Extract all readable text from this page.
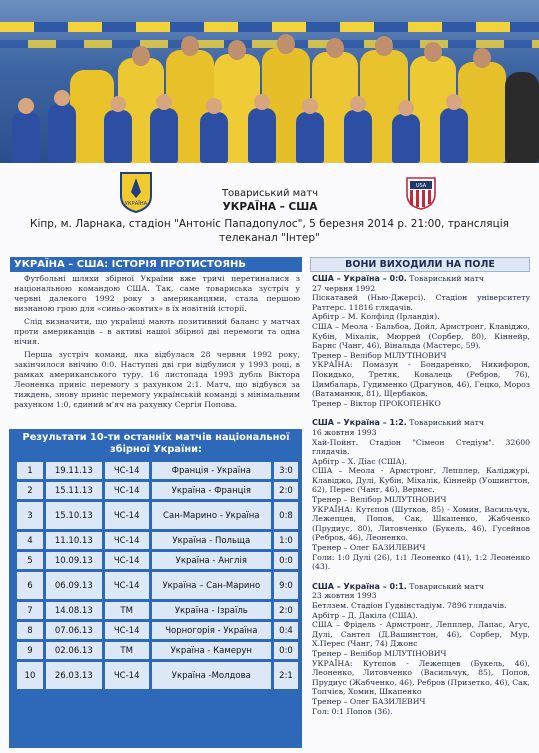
УКРАЇНА
USA
Товариський матч
УКРАЇНА – США
Кіпр, м. Ларнака, стадіон "Антоніс Пападопулос", 5 березня 2014 р. 21:00, трансляція
телеканал "Інтер"
УКРАЇНА – США: ІСТОРІЯ ПРОТИСТОЯНЬ

Футбольні шляхи збірної України вже тричі перетиналися з національною командою США. Так, саме товариська зустріч у червні далекого 1992 року з американцями, стала першою визнаною грою для «синьо-жовтих» в їх новітній історії.

Слід визначити, що українці мають позитивний баланс у матчах проти американців – в активі нашої збірної дві перемоги та одна нічия.

Перша зустріч команд, яка відбулася 28 червня 1992 року, закінчилося внічию 0:0. Наступні дві гри відбулися у 1993 році, в рамках американського туру. 16 листопада 1993 дубль Віктора Леоненка приніс перемогу з рахунком 2:1. Матч, що відбувся за тиждень, знову приніс перемогу українській команді з мінімальним рахунком 1:0, єдиний м'яч на рахунку Сергія Попова.

Результати 10-ти останніх матчів національної збірної України:
1	19.11.13	ЧС-14	Франція - Україна	3:0
2	15.11.13	ЧС-14	Україна - Франція	2:0
3	15.10.13	ЧС-14	Сан-Марино - Україна	0:8
4	11.10.13	ЧС-14	Україна - Польща	1:0
5	10.09.13	ЧС-14	Україна - Англія	0:0
6	06.09.13	ЧС-14	Україна – Сан-Марино	9:0
7	14.08.13	ТМ	Україна - Ізраїль	2:0
8	07.06.13	ЧС-14	Чорногорія - Україна	0:4
9	02.06.13	ТМ	Україна - Камерун	0:0
10	26.03.13	ЧС-14	Україна -Молдова	2:1
ВОНИ ВИХОДИЛИ НА ПОЛЕ

США – Україна – 0:0. Товариський матч

27 червня 1992

Піскатавей (Нью-Джерсі). Стадіон університету Ратгерс. 11816 глядачів.

Арбітр – М. Колфілд (Ірландія).

США – Меола - Бальбоа, Дойл, Армстронг, Клавіджо, Кубін, Міхалік, Мюррей (Сорбер, 80), Кіннейр, Барнс (Чанг, 46), Вінальда (Мастерс, 59).

Тренер – Велібор МІЛУТІНОВИЧ

УКРАЇНА: Помазун - Бондаренко, Никифоров, Покидько, Третяк, Ковалець (Ребров, 76), Цимбаларь, Гудименко (Драгунов, 46), Гецко, Мороз (Ватаманюк, 81), Щербаков.

Тренер – Віктор ПРОКОПЕНКО

США – Україна – 1:2. Товариський матч

16 жовтня 1993

Хай-Пойнт. Стадіон "Сімеон Стедіум". 32600 глядачів.

Арбітр – Х. Діас (США).

США – Меола - Армстронг, Лепплер, Каліджурі, Клавіджо, Дулі, Кубін, Міхалік, Кіннейр (Уошингтон, 62), Перес (Чанг, 46), Вермес.

Тренер – Велібор МІЛУТІНОВИЧ

УКРАЇНА: Кутєпов (Шутков, 85) - Хомин, Васильчук, Лежепцев, Попов, Сак, Шкапенко, Жабченко (Прудиус, 80), Литовченко (Букель, 46), Гусейнов (Ребров, 46), Леоненко.

Тренер – Олег БАЗИЛЕВИЧ

Голи: 1:0 Дулі (26), 1:1 Леоненко (41), 1:2 Леоненко (43).

США – Україна – 0:1. Товариський матч

23 жовтня 1993

Бетлзем. Стадіон Гудвінстадіум. 7896 глядачів.

Арбітр – Д. Дакіла (США).

США – Фрідель - Армстронг, Лепплер, Лапас, Агус, Дулі, Сантел (Д.Вашингтон, 46), Сорбер, Мур, Х.Перес (Чанг, 74) Джонс

Тренер – Велібор МІЛУТІНОВИЧ

УКРАЇНА: Кутєпов - Лежепцев (Букель, 46), Леоненко, Литовченко (Васильчук, 85), Попов, Прудиус (Жабченко, 46), Ребров (Призетко, 46), Сак, Топчієв, Хомин, Шкапенко

Тренер – Олег БАЗИЛЕВИЧ

Гол: 0:1 Попов (36).
